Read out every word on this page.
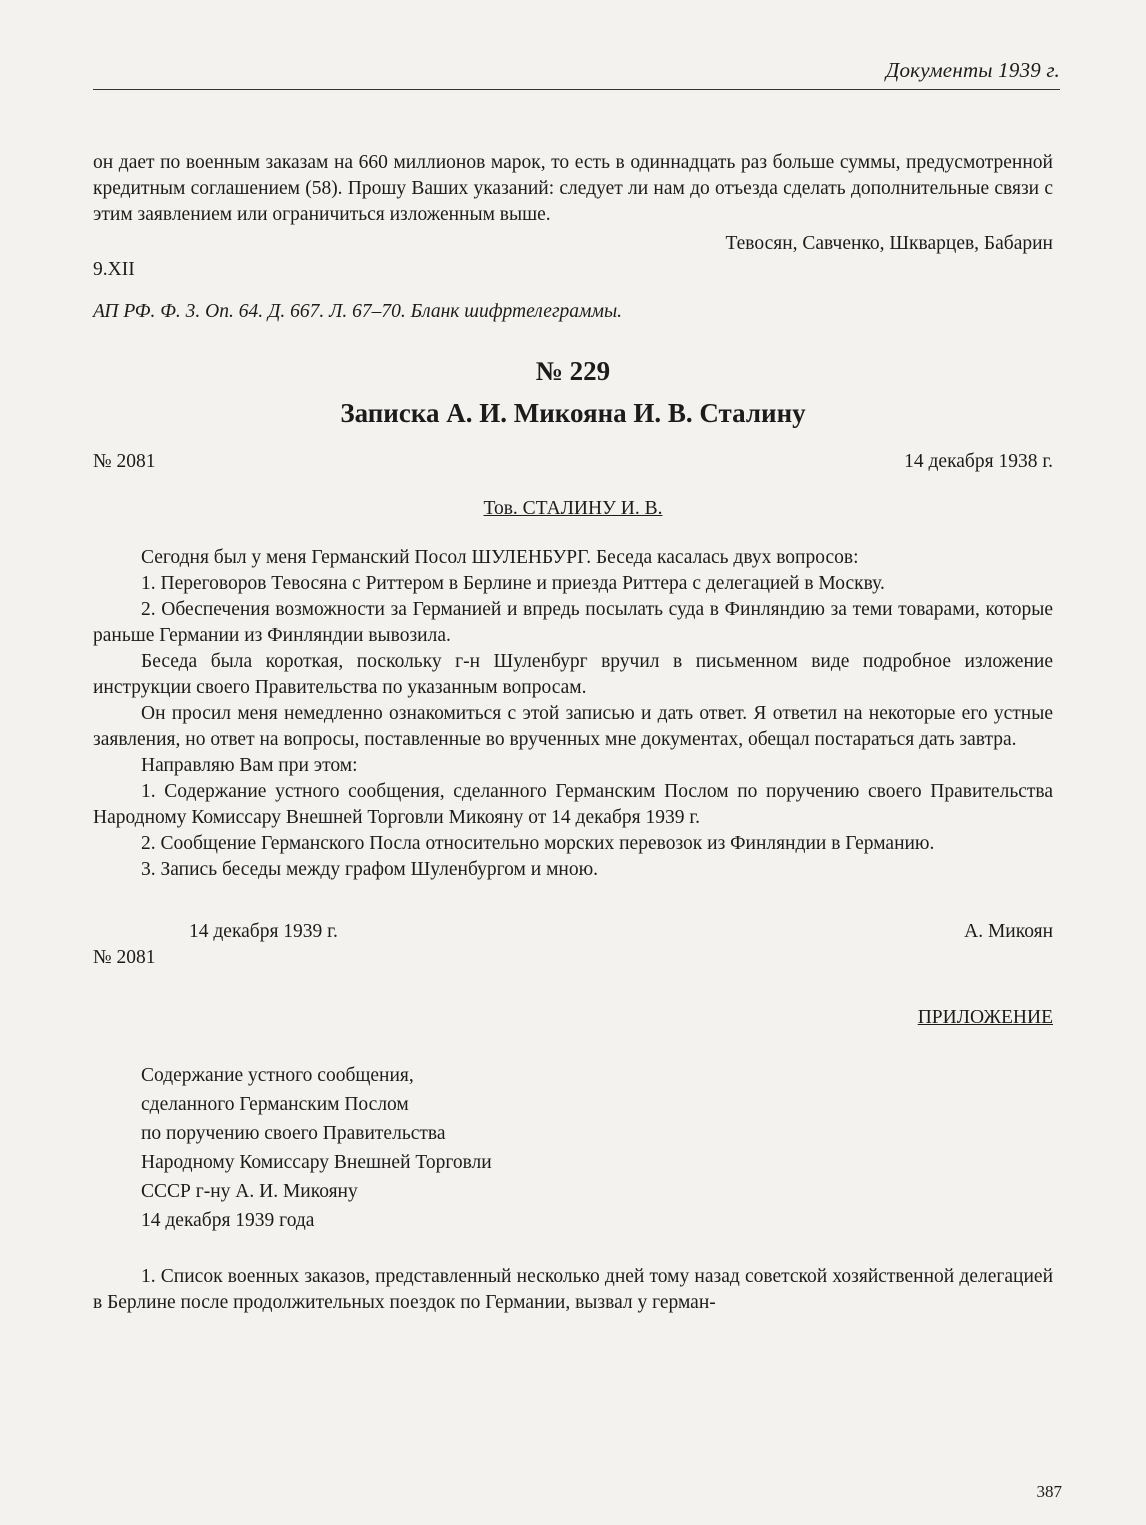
Документы 1939 г.

он дает по военным заказам на 660 миллионов марок, то есть в одиннадцать раз больше суммы, предусмотренной кредитным соглашением (58). Прошу Ваших указаний: следует ли нам до отъезда сделать дополнительные связи с этим заявлением или ограничиться изложенным выше.

Тевосян, Савченко, Шкварцев, Бабарин

9.XII

АП РФ. Ф. 3. Оп. 64. Д. 667. Л. 67–70. Бланк шифртелеграммы.

№ 229
Записка А. И. Микояна И. В. Сталину
№ 2081	14 декабря 1938 г.
Тов. СТАЛИНУ И. В.

Сегодня был у меня Германский Посол ШУЛЕНБУРГ. Беседа касалась двух вопросов:

1. Переговоров Тевосяна с Риттером в Берлине и приезда Риттера с делегацией в Москву.

2. Обеспечения возможности за Германией и впредь посылать суда в Финляндию за теми товарами, которые раньше Германии из Финляндии вывозила.

Беседа была короткая, поскольку г-н Шуленбург вручил в письменном виде подробное изложение инструкции своего Правительства по указанным вопросам.

Он просил меня немедленно ознакомиться с этой записью и дать ответ. Я ответил на некоторые его устные заявления, но ответ на вопросы, поставленные во врученных мне документах, обещал постараться дать завтра.

Направляю Вам при этом:

1. Содержание устного сообщения, сделанного Германским Послом по поручению своего Правительства Народному Комиссару Внешней Торговли Микояну от 14 декабря 1939 г.

2. Сообщение Германского Посла относительно морских перевозок из Финляндии в Германию.

3. Запись беседы между графом Шуленбургом и мною.

14 декабря 1939 г.	А. Микоян

№ 2081

ПРИЛОЖЕНИЕ

Содержание устного сообщения,

сделанного Германским Послом

по поручению своего Правительства

Народному Комиссару Внешней Торговли

СССР г-ну А. И. Микояну

14 декабря 1939 года

1. Список военных заказов, представленный несколько дней тому назад советской хозяйственной делегацией в Берлине после продолжительных поездок по Германии, вызвал у герман-

387
